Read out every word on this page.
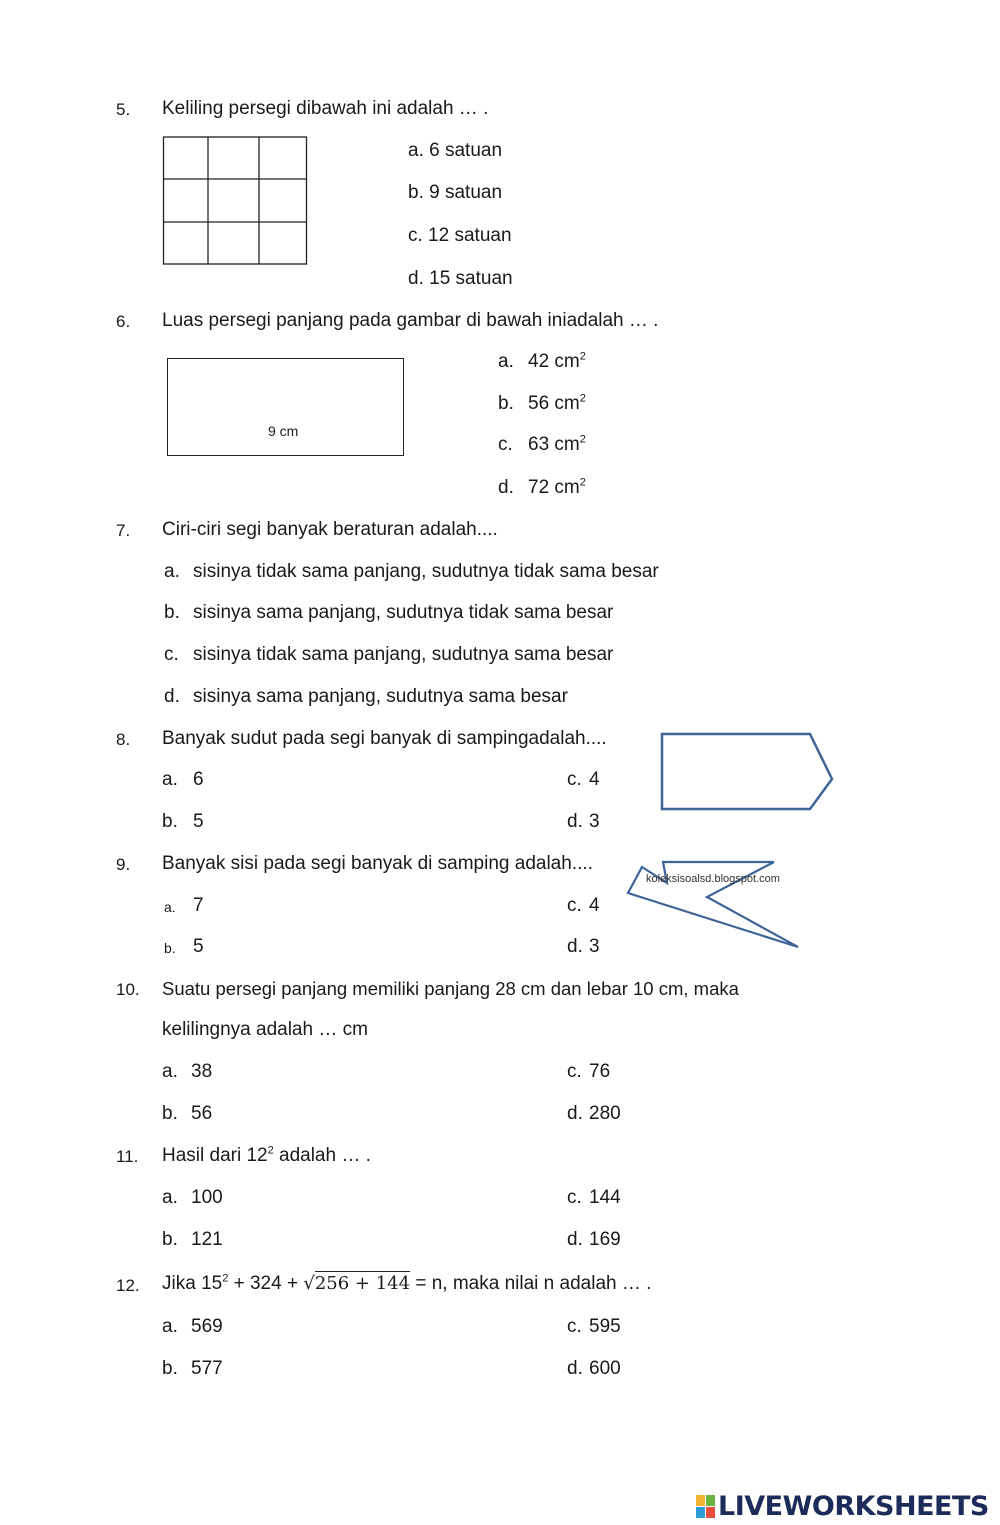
5. Keliling persegi dibawah ini adalah … .
a. 6 satuan
b. 9 satuan
c. 12 satuan
d. 15 satuan
6. Luas persegi panjang pada gambar di bawah iniadalah … .
9 cm
a. 42 $cm^2$
b. 56 $cm^2$
c. 63 $cm^2$
d. 72 $cm^2$
7. Ciri-ciri segi banyak beraturan adalah....
a. sisinya tidak sama panjang, sudutnya tidak sama besar
b. sisinya sama panjang, sudutnya tidak sama besar
c. sisinya tidak sama panjang, sudutnya sama besar
d. sisinya sama panjang, sudutnya sama besar
8. Banyak sudut pada segi banyak di sampingadalah....
a. 6
b. 5
c. 4
d. 3
9. Banyak sisi pada segi banyak di samping adalah....
koleksisoalsd.blogspot.com
a. 7
b. 5
c. 4
d. 3
10. Suatu persegi panjang memiliki panjang 28 cm dan lebar 10 cm, maka
kelilingnya adalah … cm
a. 38
b. 56
c. 76
d. 280
11. Hasil dari $12^2$ adalah … .
a. 100
b. 121
c. 144
d. 169
12. Jika $15^2 + 324 + √256 + 144 = n$, maka nilai n adalah … .
a. 569
b. 577
c. 595
d. 600
LIVEWORKSHEETS
